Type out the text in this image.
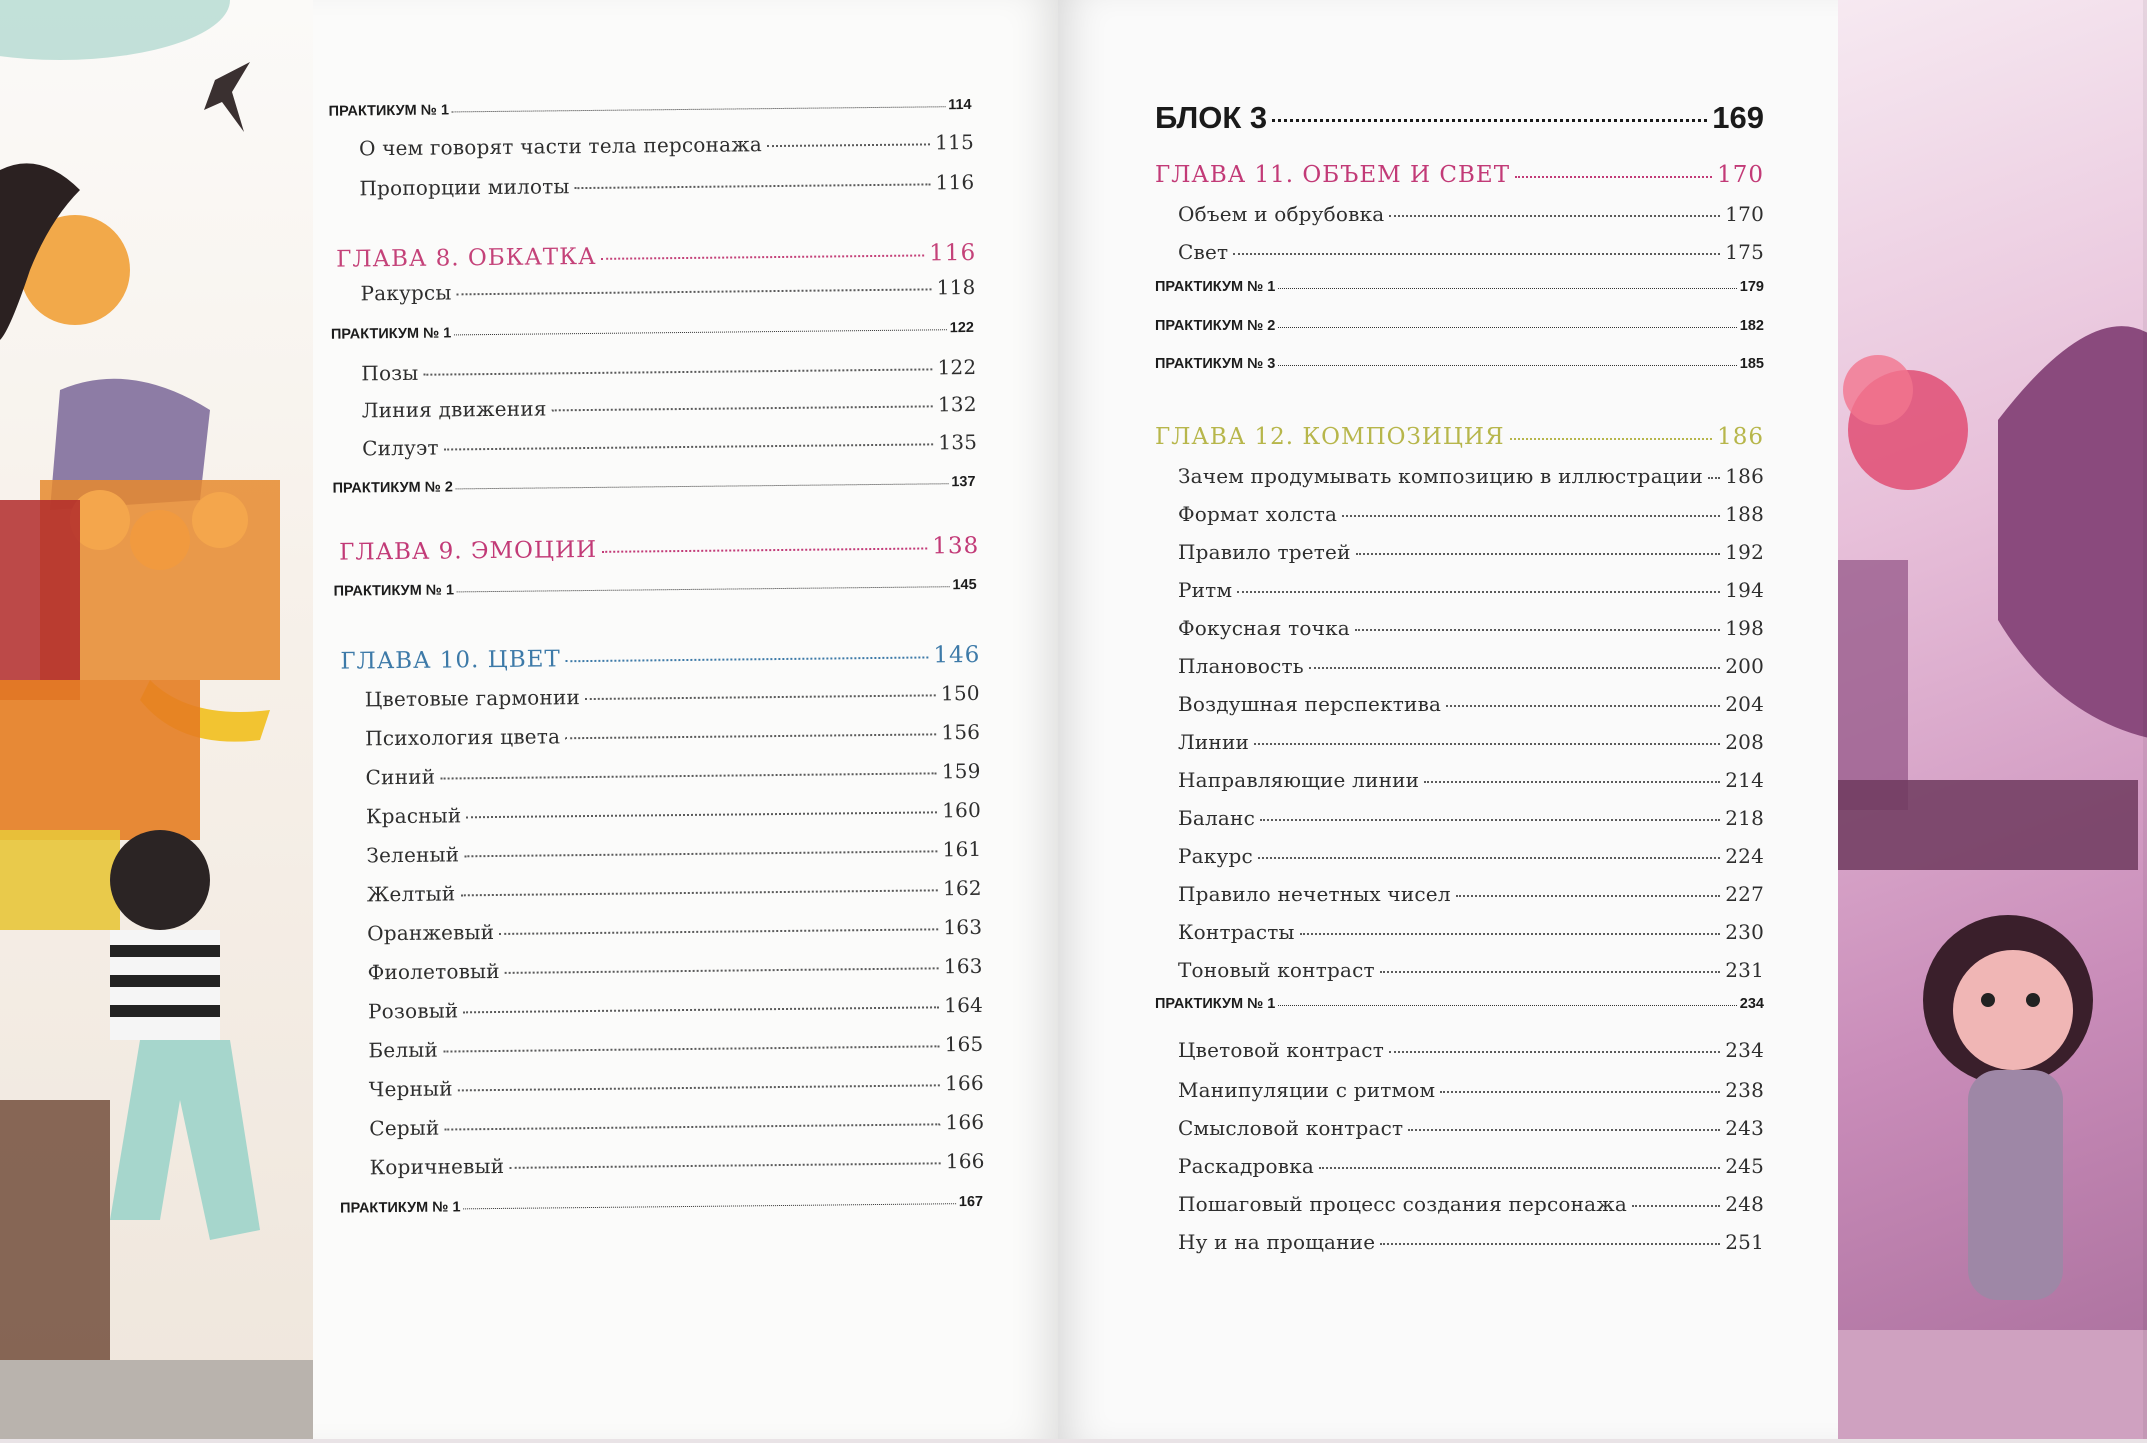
ПРАКТИКУМ № 1	114
О чем говорят части тела персонажа	115
Пропорции милоты	116
ГЛАВА 8. ОБКАТКА	116
Ракурсы	118
ПРАКТИКУМ № 1	122
Позы	122
Линия движения	132
Силуэт	135
ПРАКТИКУМ № 2	137
ГЛАВА 9. ЭМОЦИИ	138
ПРАКТИКУМ № 1	145
ГЛАВА 10. ЦВЕТ	146
Цветовые гармонии	150
Психология цвета	156
Синий	159
Красный	160
Зеленый	161
Желтый	162
Оранжевый	163
Фиолетовый	163
Розовый	164
Белый	165
Черный	166
Серый	166
Коричневый	166
ПРАКТИКУМ № 1	167
БЛОК 3	169
ГЛАВА 11. ОБЪЕМ И СВЕТ	170
Объем и обрубовка	170
Свет	175
ПРАКТИКУМ № 1	179
ПРАКТИКУМ № 2	182
ПРАКТИКУМ № 3	185
ГЛАВА 12. КОМПОЗИЦИЯ	186
Зачем продумывать композицию в иллюстрации 186
Формат холста	188
Правило третей	192
Ритм	194
Фокусная точка	198
Плановость	200
Воздушная перспектива	204
Линии	208
Направляющие линии	214
Баланс	218
Ракурс	224
Правило нечетных чисел	227
Контрасты	230
Тоновый контраст	231
ПРАКТИКУМ № 1	234
Цветовой контраст	234
Манипуляции с ритмом	238
Смысловой контраст	243
Раскадровка	245
Пошаговый процесс создания персонажа	248
Ну и на прощание	251
